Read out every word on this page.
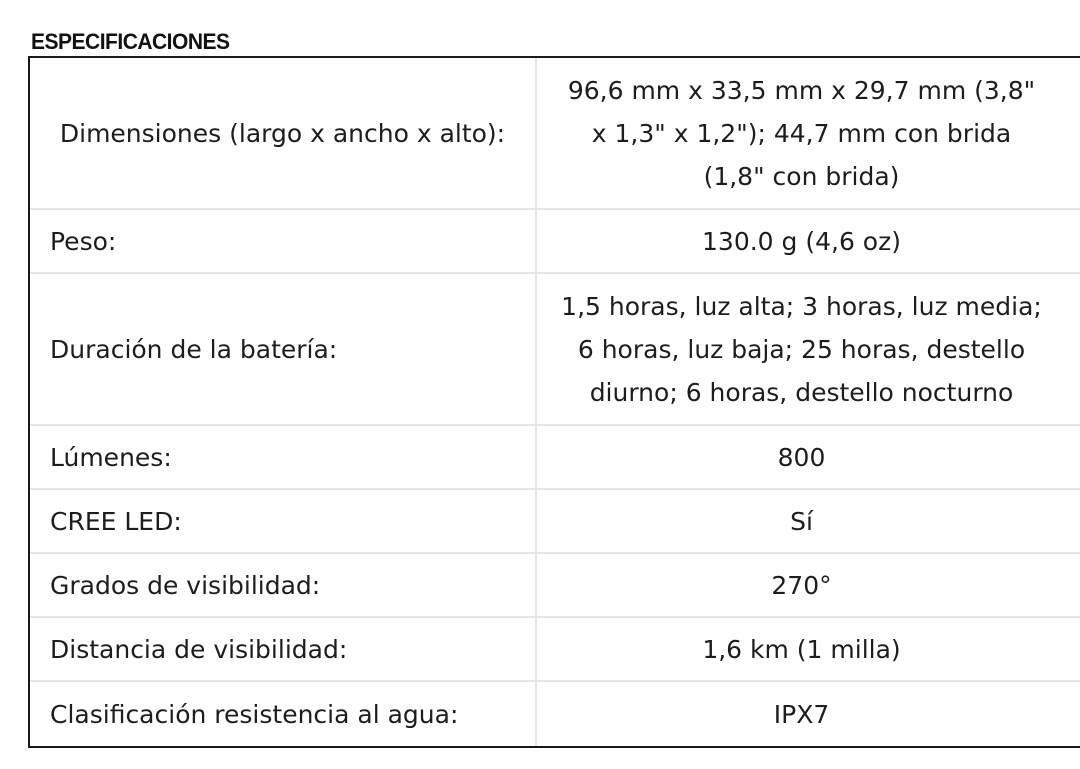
ESPECIFICACIONES
Dimensiones (largo x ancho x alto):
96,6 mm x 33,5 mm x 29,7 mm (3,8" x 1,3" x 1,2"); 44,7 mm con brida (1,8" con brida)
Peso:	130.0 g (4,6 oz)
Duración de la batería:
1,5 horas, luz alta; 3 horas, luz media; 6 horas, luz baja; 25 horas, destello diurno; 6 horas, destello nocturno
Lúmenes:	800
CREE LED:	Sí
Grados de visibilidad:	270°
Distancia de visibilidad:	1,6 km (1 milla)
Clasificación resistencia al agua:	IPX7
